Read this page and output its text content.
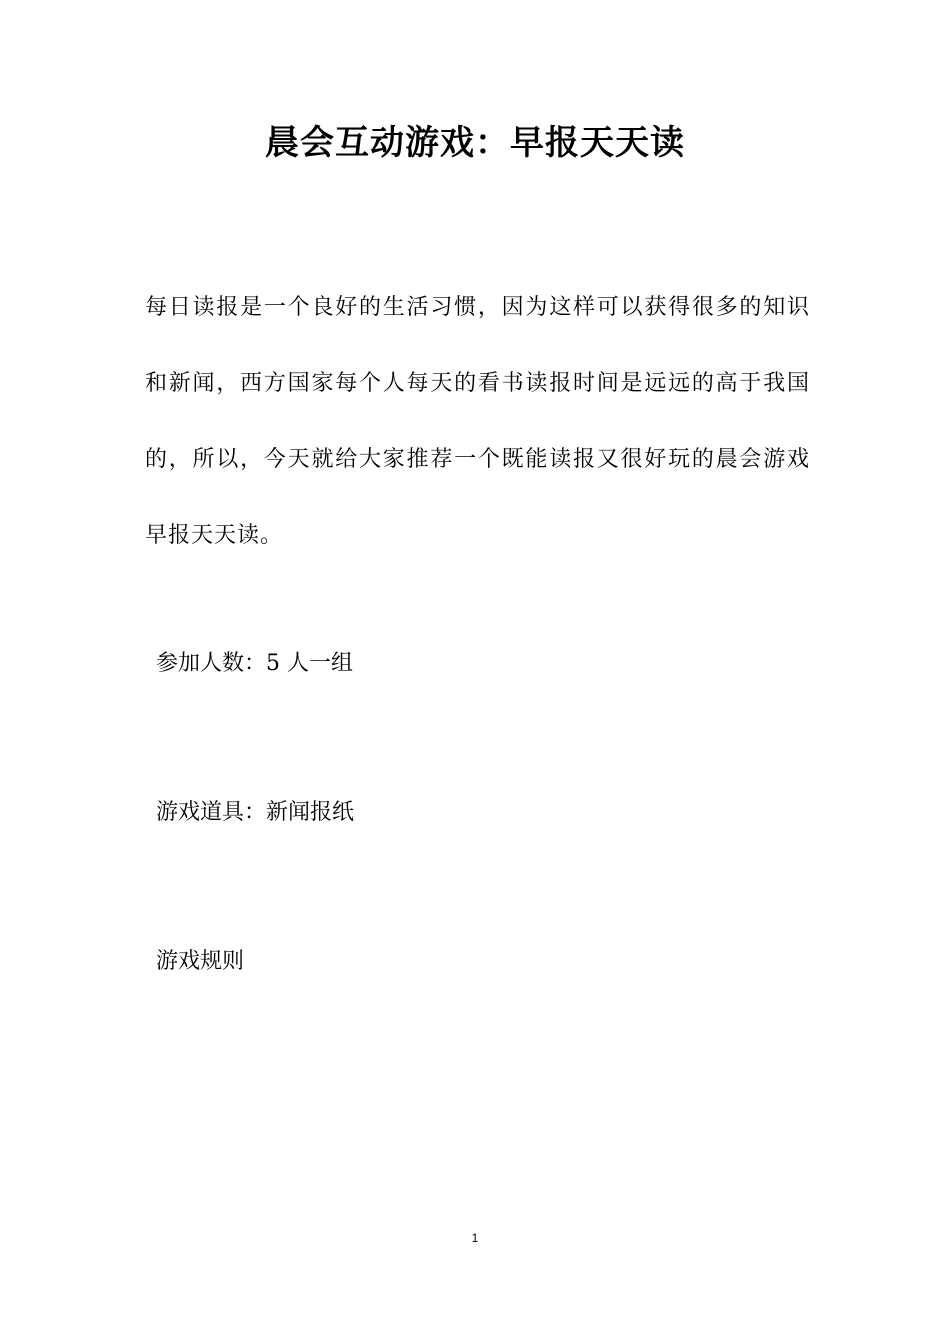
晨会互动游戏：早报天天读

每日读报是一个良好的生活习惯，因为这样可以获得很多的知识和新闻，西方国家每个人每天的看书读报时间是远远的高于我国的，所以，今天就给大家推荐一个既能读报又很好玩的晨会游戏 早报天天读。

参加人数：5 人一组

游戏道具：新闻报纸

游戏规则

1
